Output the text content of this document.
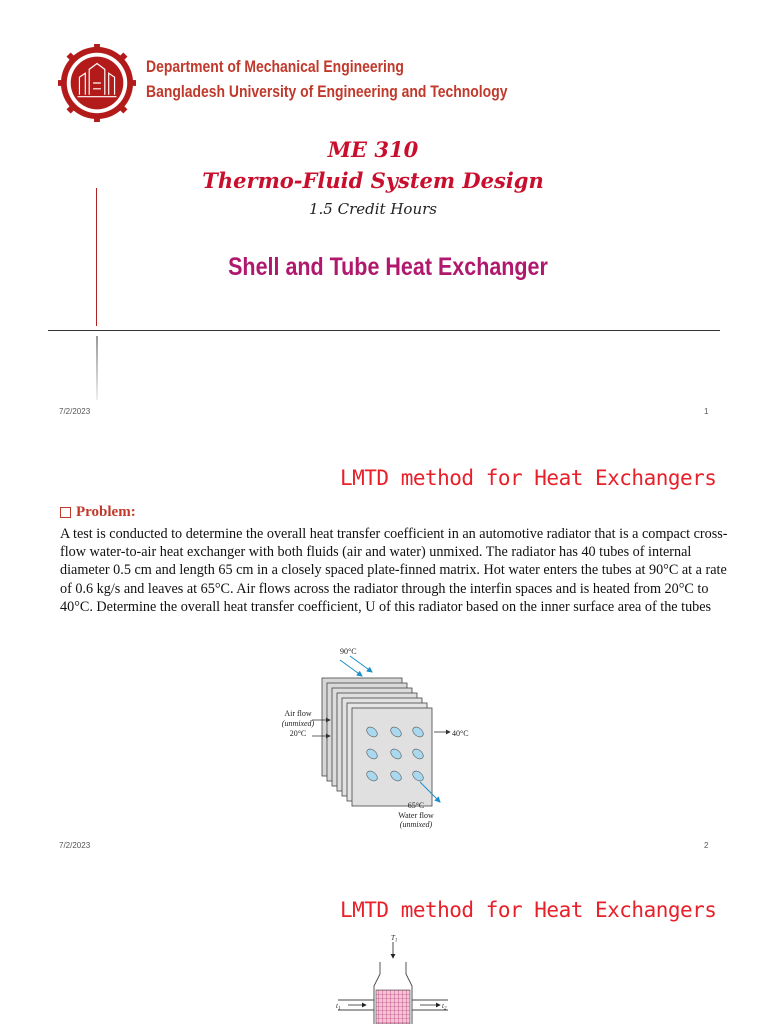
Department of Mechanical Engineering
Bangladesh University of Engineering and Technology
ME 310
Thermo-Fluid System Design
1.5 Credit Hours
Shell and Tube Heat Exchanger
7/2/2023	1
LMTD method for Heat Exchangers
Problem:
A test is conducted to determine the overall heat transfer coefficient in an automotive radiator that is a compact cross-flow water-to-air heat exchanger with both fluids (air and water) unmixed. The radiator has 40 tubes of internal diameter 0.5 cm and length 65 cm in a closely spaced plate-finned matrix. Hot water enters the tubes at 90°C at a rate of 0.6 kg/s and leaves at 65°C. Air flows across the radiator through the interfin spaces and is heated from 20°C to 40°C. Determine the overall heat transfer coefficient, U of this radiator based on the inner surface area of the tubes
90°C
Air flow
(unmixed)
20°C	40°C
65°C
Water flow
(unmixed)
7/2/2023	2
LMTD method for Heat Exchangers
$T_1$
$t_1$	$t_2$
